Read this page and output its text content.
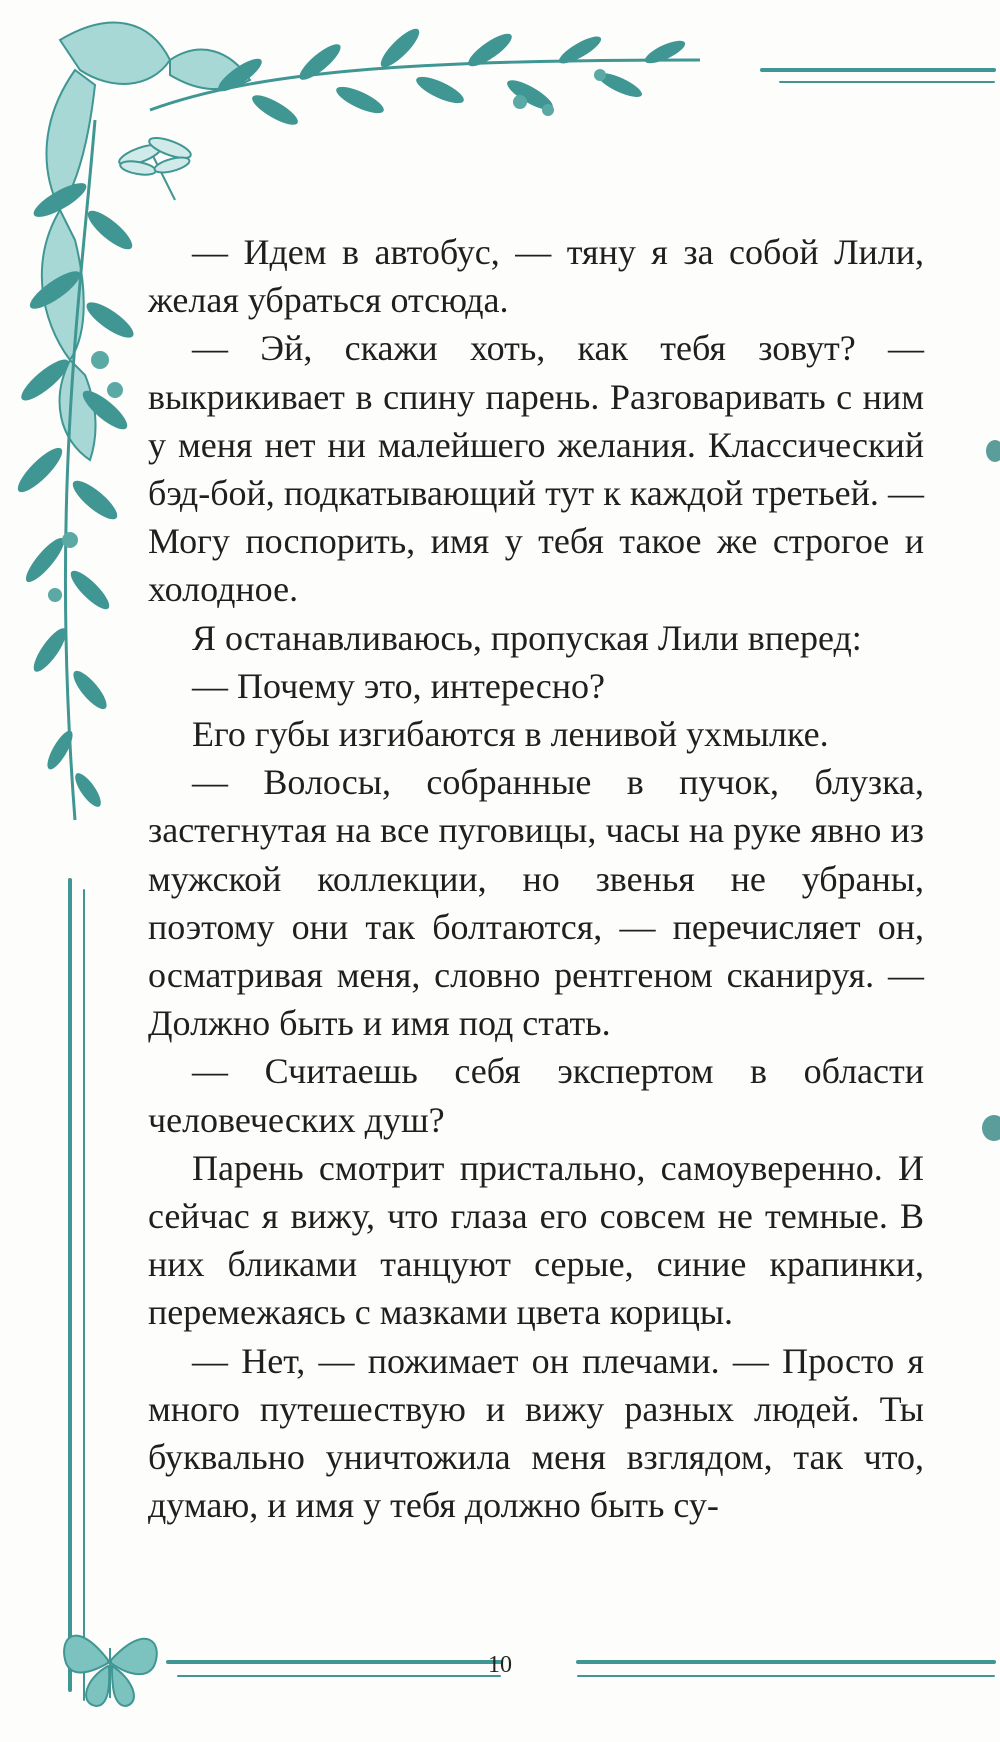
— Идем в автобус, — тяну я за собой Лили, желая убраться отсюда.

— Эй, скажи хоть, как тебя зовут? — выкрикивает в спину парень. Разговаривать с ним у меня нет ни малейшего желания. Классический бэд-бой, подкатывающий тут к каждой третьей. — Могу поспорить, имя у тебя такое же строгое и холодное.

Я останавливаюсь, пропуская Лили вперед:

— Почему это, интересно?

Его губы изгибаются в ленивой ухмылке.

— Волосы, собранные в пучок, блузка, застегнутая на все пуговицы, часы на руке явно из мужской коллекции, но звенья не убраны, поэтому они так болтаются, — перечисляет он, осматривая меня, словно рентгеном сканируя. — Должно быть и имя под стать.

— Считаешь себя экспертом в области человеческих душ?

Парень смотрит пристально, самоуверенно. И сейчас я вижу, что глаза его совсем не темные. В них бликами танцуют серые, синие крапинки, перемежаясь с мазками цвета корицы.

— Нет, — пожимает он плечами. — Просто я много путешествую и вижу разных людей. Ты буквально уничтожила меня взглядом, так что, думаю, и имя у тебя должно быть су-

10
